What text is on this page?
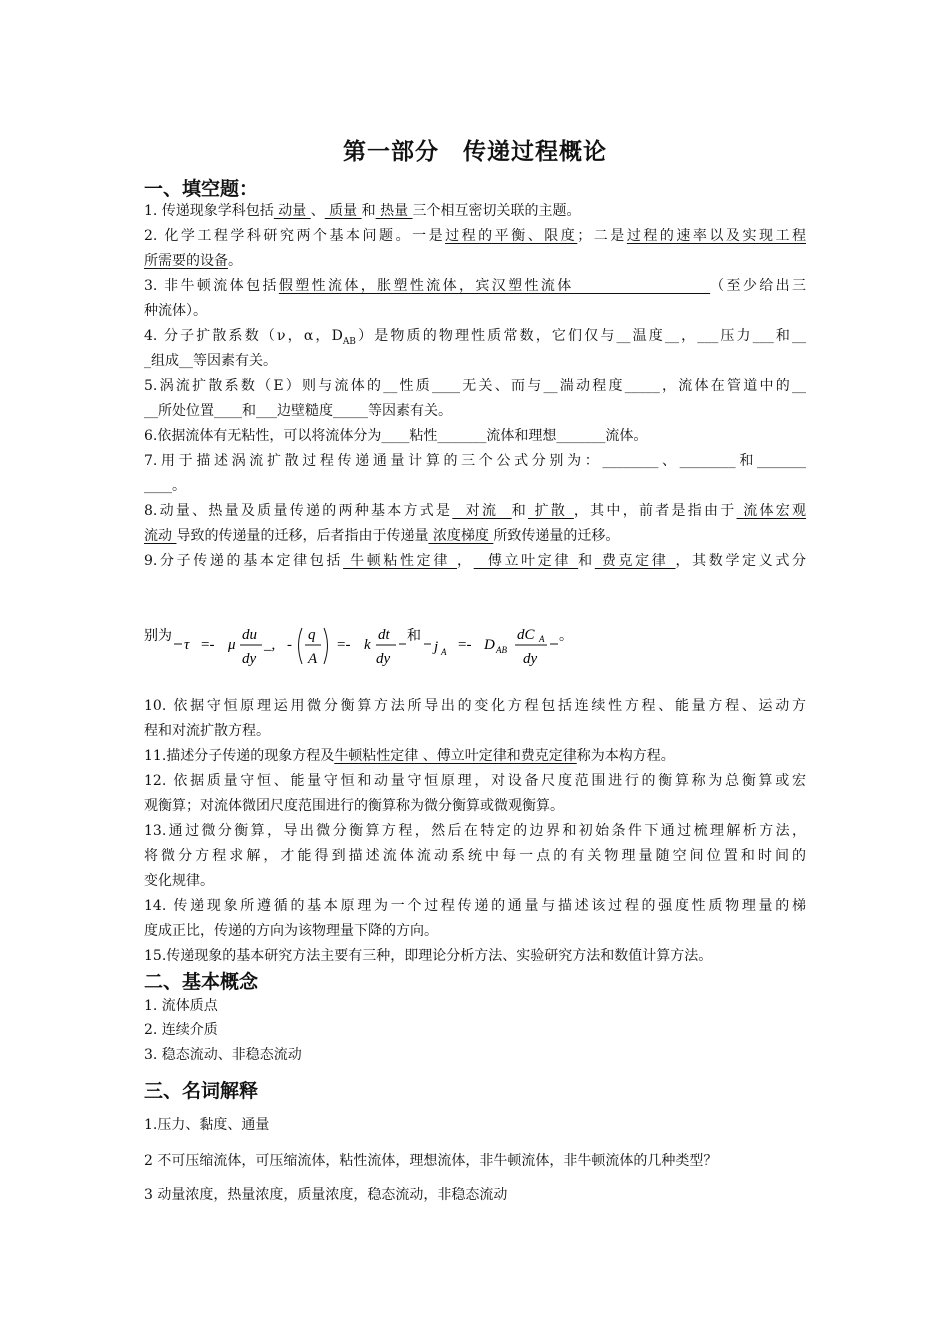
第一部分　传递过程概论
一、填空题：
1. 传递现象学科包括 动量 、 质量 和 热量 三个相互密切关联的主题。
2. 化学工程学科研究两个基本问题。一是过程的平衡、限度；二是过程的速率以及实现工程
所需要的设备。
3. 非牛顿流体包括假塑性流体，胀塑性流体，宾汉塑性流体                    （至少给出三
种流体）。
4. 分子扩散系数（ν，α，$D_{AB}$）是物质的物理性质常数，它们仅与__温度__，___压力___和__
_组成__等因素有关。
5.涡流扩散系数（E）则与流体的__性质____无关、而与__湍动程度_____，流体在管道中的__
__所处位置____和___边壁糙度_____等因素有关。
6.依据流体有无粘性，可以将流体分为____粘性_______流体和理想_______流体。
7.用于描述涡流扩散过程传递通量计算的三个公式分别为：________、________和_______
____。
8.动量、热量及质量传递的两种基本方式是  对流  和 扩散 ，其中，前者是指由于 流体宏观
流动 导致的传递量的迁移，后者指由于传递量 浓度梯度 所致传递量的迁移。
9.分子传递的基本定律包括 牛顿粘性定律 ，  傅立叶定律 和 费克定律 ，其数学定义式分
别为
τ =- μ
du
dy
_, -
q
A
=- k
dt
dy
和
j A =- D AB
dC A
dy
。
10. 依据守恒原理运用微分衡算方法所导出的变化方程包括连续性方程、能量方程、运动方
程和对流扩散方程。
11.描述分子传递的现象方程及牛顿粘性定律 、傅立叶定律和费克定律称为本构方程。
12. 依据质量守恒、能量守恒和动量守恒原理，对设备尺度范围进行的衡算称为总衡算或宏
观衡算；对流体微团尺度范围进行的衡算称为微分衡算或微观衡算。
13.通过微分衡算，导出微分衡算方程，然后在特定的边界和初始条件下通过梳理解析方法，
将微分方程求解，才能得到描述流体流动系统中每一点的有关物理量随空间位置和时间的
变化规律。
14. 传递现象所遵循的基本原理为一个过程传递的通量与描述该过程的强度性质物理量的梯
度成正比，传递的方向为该物理量下降的方向。
15.传递现象的基本研究方法主要有三种，即理论分析方法、实验研究方法和数值计算方法。
二、基本概念
1. 流体质点
2. 连续介质
3. 稳态流动、非稳态流动
三、名词解释
1.压力、黏度、通量
2 不可压缩流体，可压缩流体，粘性流体，理想流体，非牛顿流体，非牛顿流体的几种类型？
3 动量浓度，热量浓度，质量浓度，稳态流动，非稳态流动
